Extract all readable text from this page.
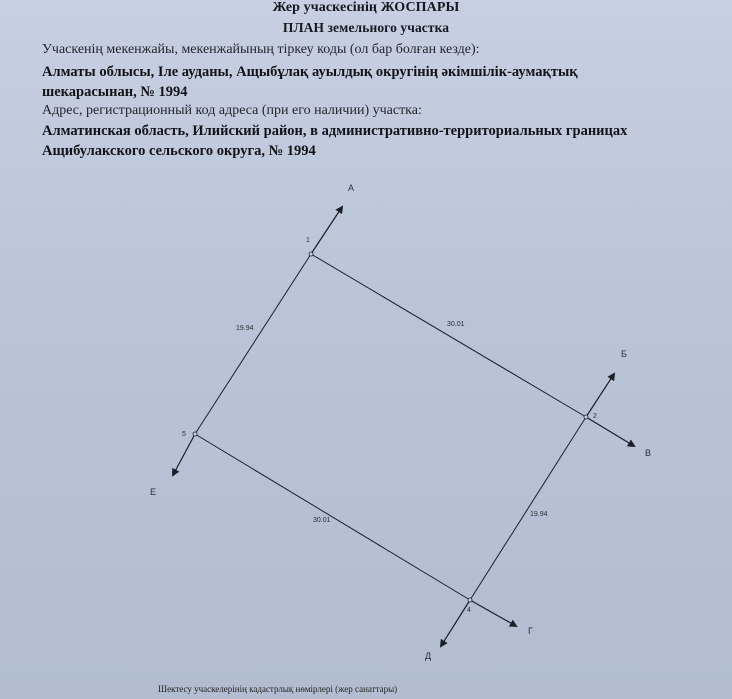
Жер учаскесінің ЖОСПАРЫ
ПЛАН земельного участка
Учаскенің мекенжайы, мекенжайының тіркеу коды (ол бар болған кезде):
Алматы облысы, Іле ауданы, Ащыбұлақ ауылдық округінің әкімшілік-аумақтық
шекарасынан, № 1994
Адрес, регистрационный код адреса (при его наличии) участка:
Алматинская область, Илийский район, в административно-территориальных границах
Ащибулакского сельского округа, № 1994
1
2
4
5
А
Б
В
Г
Д
Е
30.01
19.94
30.01
19.94
Шектесу учаскелерінің кадастрлық нөмірлері (жер санаттары)
